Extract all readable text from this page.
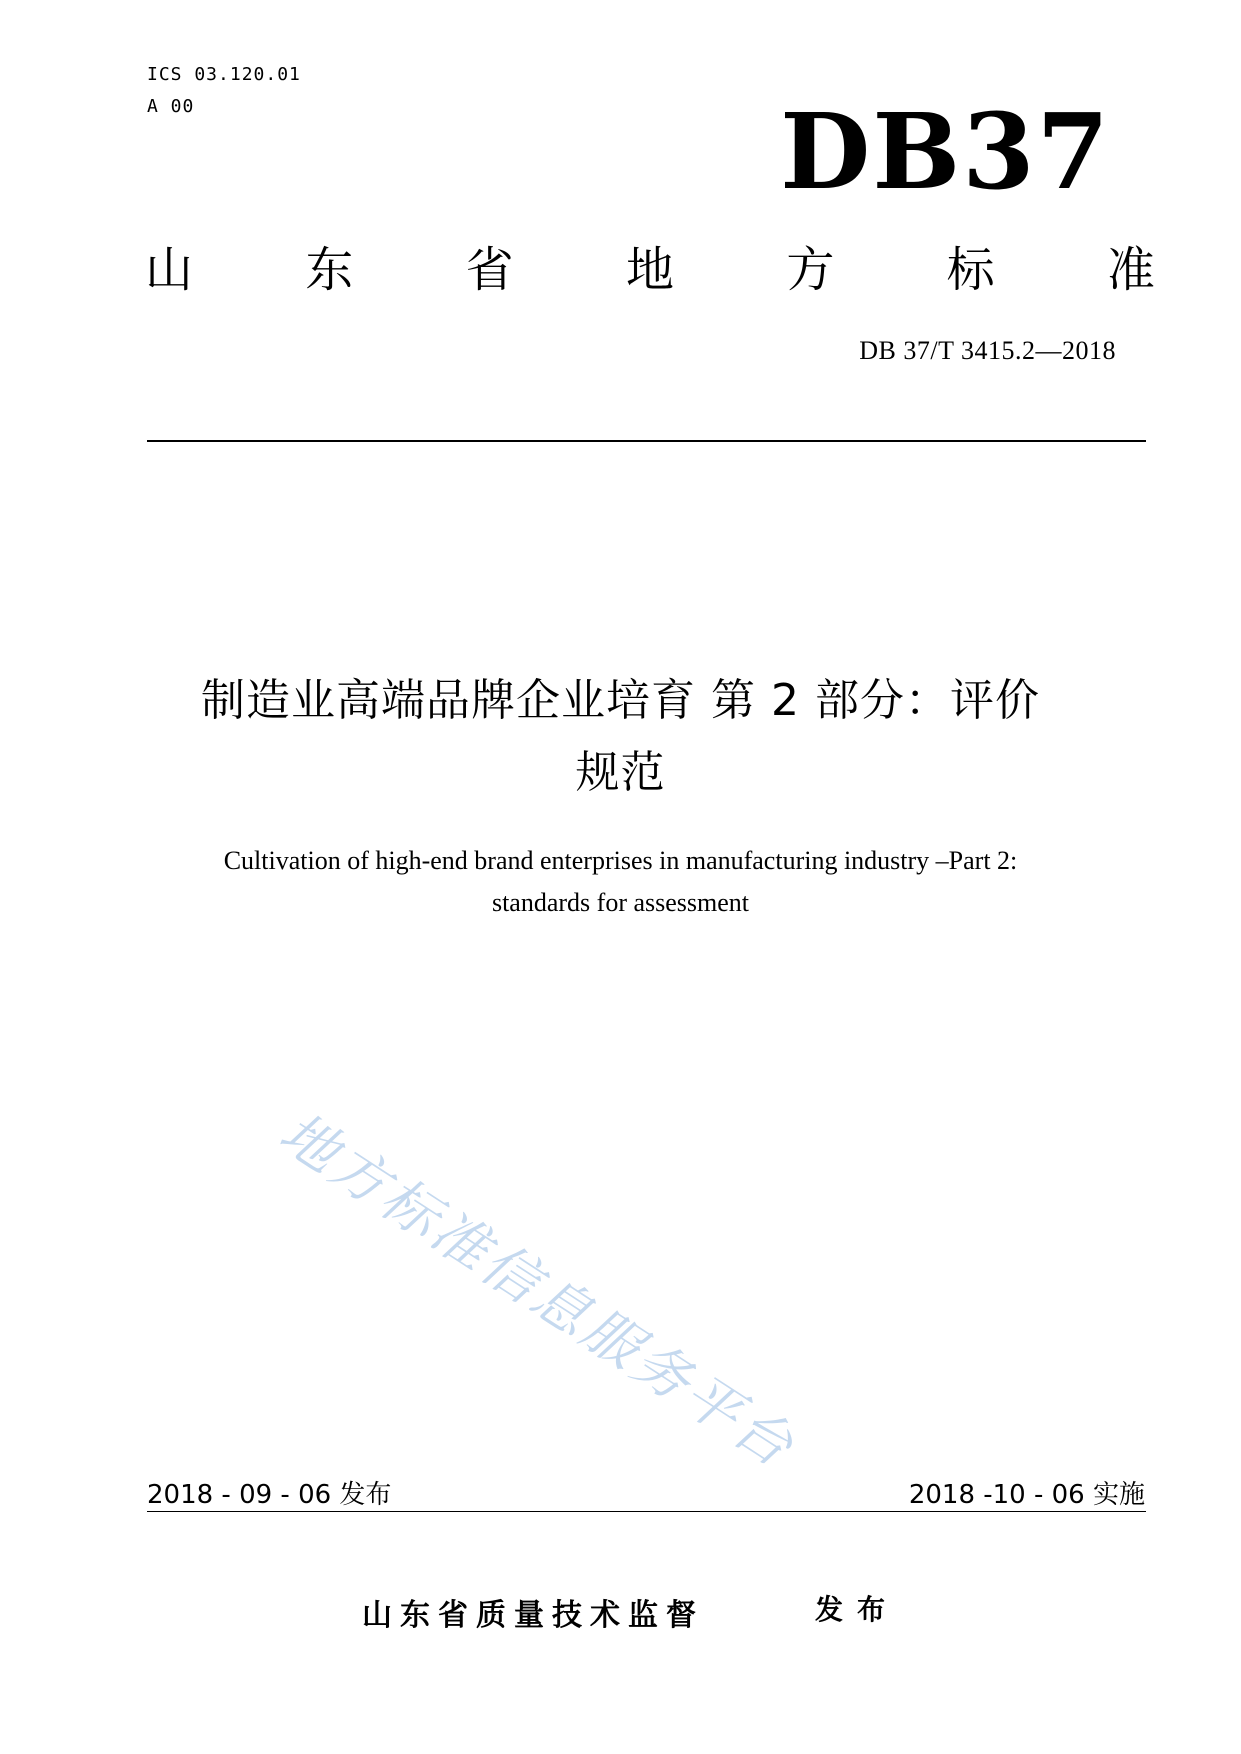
ICS 03.120.01
A 00	DB37
山 东 省 地 方 标 准
DB 37/T 3415.2—2018
制造业高端品牌企业培育 第 2 部分：评价
规范
Cultivation of high-end brand enterprises in manufacturing industry –Part 2:
standards for assessment
地方标准信息服务平台
2018 - 09 - 06 发布	2018 -10 - 06 实施
山东省质量技术监督	发布
